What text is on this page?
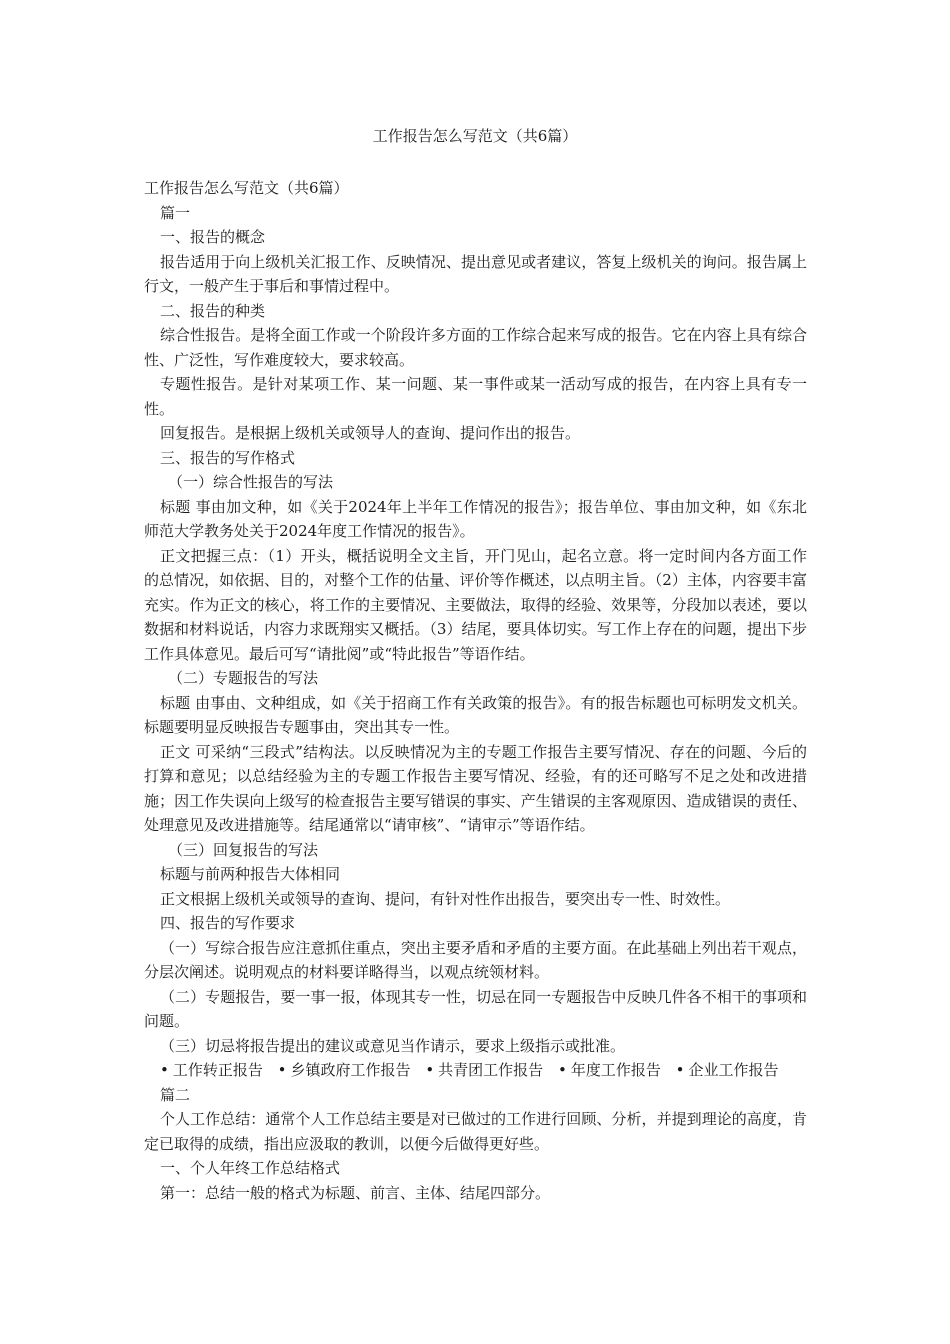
工作报告怎么写范文（共6篇）

工作报告怎么写范文（共6篇）

篇一

一、报告的概念

报告适用于向上级机关汇报工作、反映情况、提出意见或者建议，答复上级机关的询问。报告属上行文，一般产生于事后和事情过程中。

二、报告的种类

综合性报告。是将全面工作或一个阶段许多方面的工作综合起来写成的报告。它在内容上具有综合性、广泛性，写作难度较大，要求较高。

专题性报告。是针对某项工作、某一问题、某一事件或某一活动写成的报告，在内容上具有专一性。

回复报告。是根据上级机关或领导人的查询、提问作出的报告。

三、报告的写作格式

（一）综合性报告的写法

标题 事由加文种，如《关于2024年上半年工作情况的报告》；报告单位、事由加文种，如《东北师范大学教务处关于2024年度工作情况的报告》。

正文把握三点：（1）开头，概括说明全文主旨，开门见山，起名立意。将一定时间内各方面工作的总情况，如依据、目的，对整个工作的估量、评价等作概述，以点明主旨。（2）主体，内容要丰富充实。作为正文的核心，将工作的主要情况、主要做法，取得的经验、效果等，分段加以表述，要以数据和材料说话，内容力求既翔实又概括。（3）结尾，要具体切实。写工作上存在的问题，提出下步工作具体意见。最后可写“请批阅”或“特此报告”等语作结。

（二）专题报告的写法

标题 由事由、文种组成，如《关于招商工作有关政策的报告》。有的报告标题也可标明发文机关。标题要明显反映报告专题事由，突出其专一性。

正文 可采纳“三段式”结构法。以反映情况为主的专题工作报告主要写情况、存在的问题、今后的打算和意见；以总结经验为主的专题工作报告主要写情况、经验，有的还可略写不足之处和改进措施；因工作失误向上级写的检查报告主要写错误的事实、产生错误的主客观原因、造成错误的责任、处理意见及改进措施等。结尾通常以“请审核”、“请审示”等语作结。

（三）回复报告的写法

标题与前两种报告大体相同

正文根据上级机关或领导的查询、提问，有针对性作出报告，要突出专一性、时效性。

四、报告的写作要求

（一）写综合报告应注意抓住重点，突出主要矛盾和矛盾的主要方面。在此基础上列出若干观点，分层次阐述。说明观点的材料要详略得当，以观点统领材料。

（二）专题报告，要一事一报，体现其专一性，切忌在同一专题报告中反映几件各不相干的事项和问题。

（三）切忌将报告提出的建议或意见当作请示，要求上级指示或批准。

• 工作转正报告 • 乡镇政府工作报告 • 共青团工作报告 • 年度工作报告 • 企业工作报告

篇二

个人工作总结：通常个人工作总结主要是对已做过的工作进行回顾、分析，并提到理论的高度，肯定已取得的成绩，指出应汲取的教训，以便今后做得更好些。

一、个人年终工作总结格式

第一：总结一般的格式为标题、前言、主体、结尾四部分。
